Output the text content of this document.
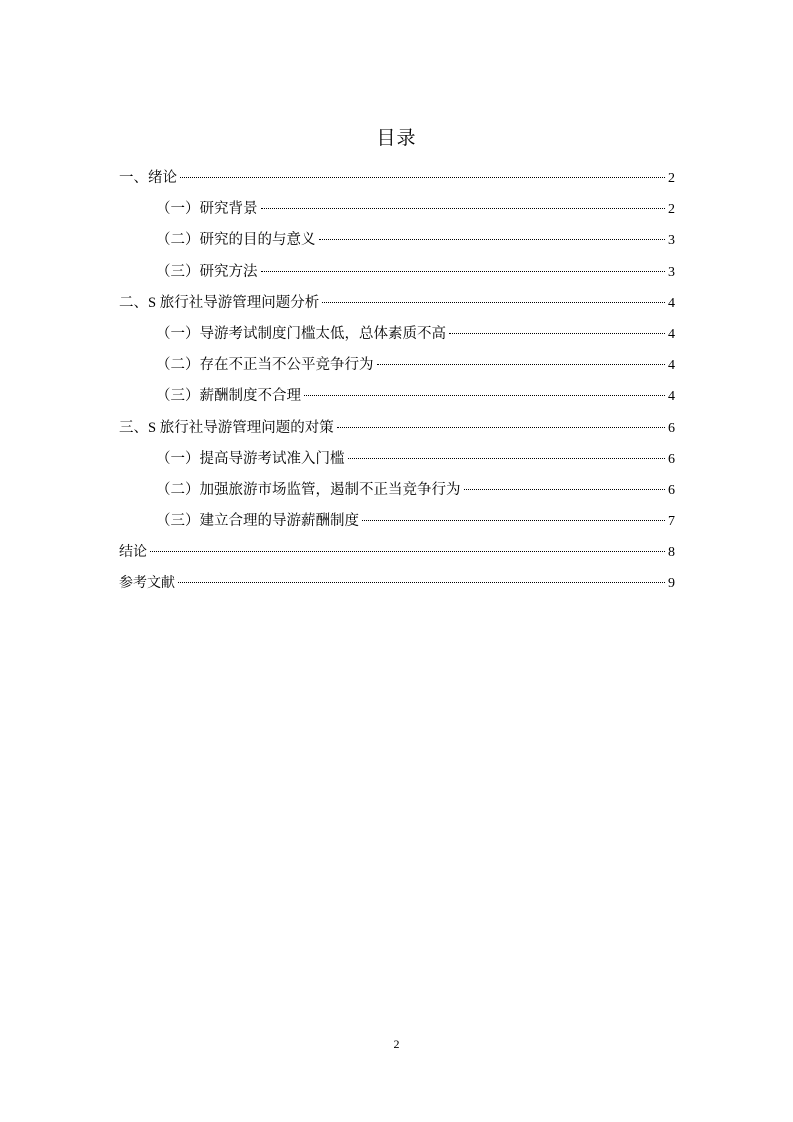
目录
一、绪论	2
（一）研究背景	2
（二）研究的目的与意义	3
（三）研究方法	3
二、S 旅行社导游管理问题分析	4
（一）导游考试制度门槛太低，总体素质不高	4
（二）存在不正当不公平竞争行为	4
（三）薪酬制度不合理	4
三、S 旅行社导游管理问题的对策	6
（一）提高导游考试准入门槛	6
（二）加强旅游市场监管，遏制不正当竞争行为	6
（三）建立合理的导游薪酬制度	7
结论	8
参考文献	9
2
